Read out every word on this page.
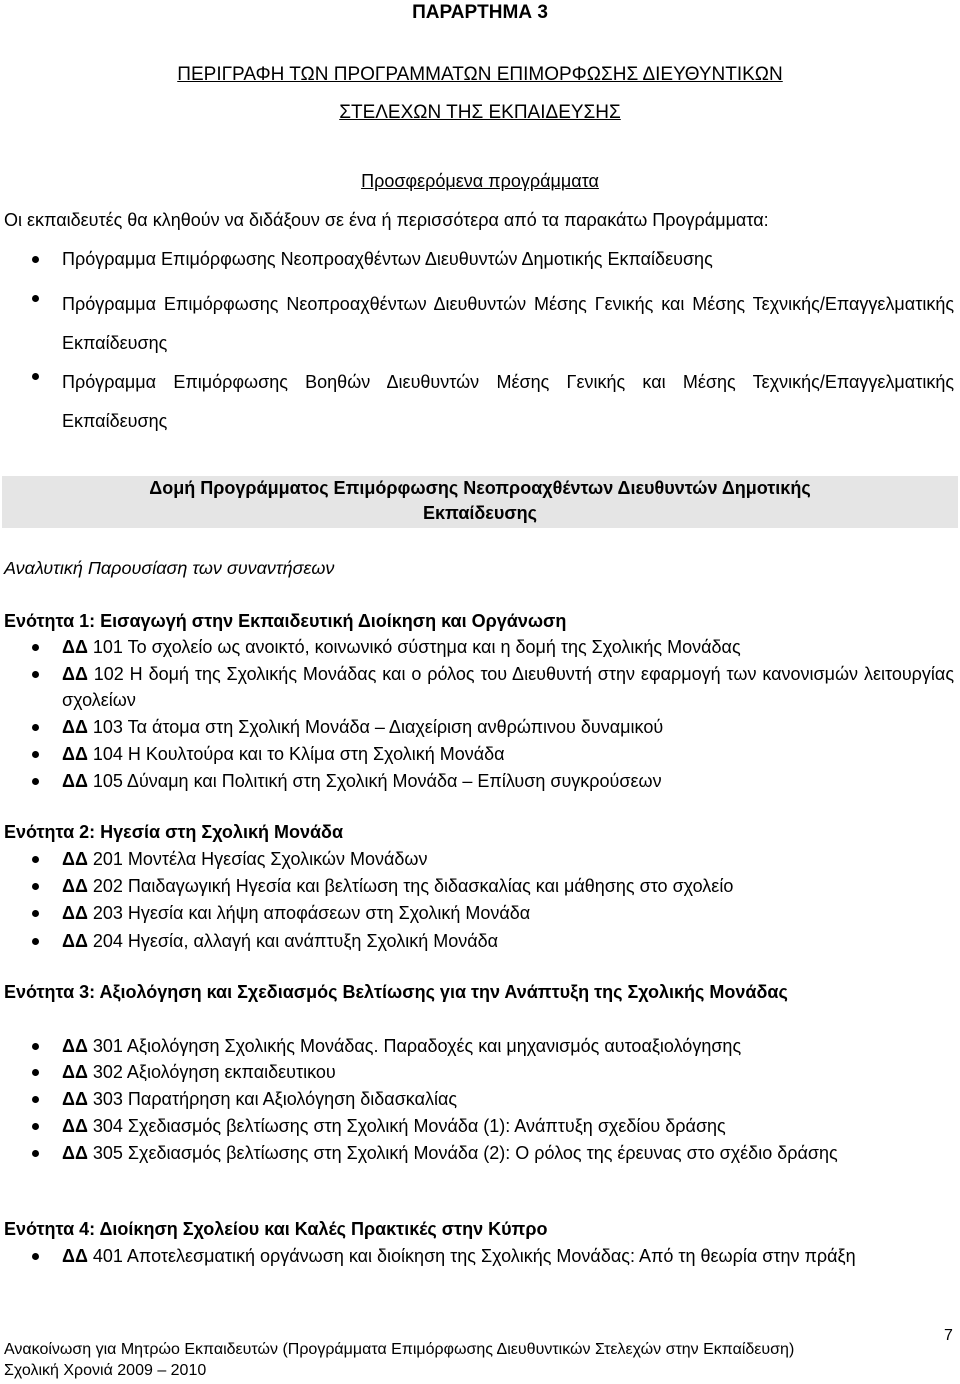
ΠΑΡΑΡΤΗΜΑ 3
ΠΕΡΙΓΡΑΦΗ ΤΩΝ ΠΡΟΓΡΑΜΜΑΤΩΝ ΕΠΙΜΟΡΦΩΣΗΣ ΔΙΕΥΘΥΝΤΙΚΩΝ
ΣΤΕΛΕΧΩΝ ΤΗΣ ΕΚΠΑΙΔΕΥΣΗΣ
Προσφερόμενα προγράμματα
Οι εκπαιδευτές θα κληθούν να διδάξουν σε ένα ή περισσότερα από τα παρακάτω Προγράμματα:
Πρόγραμμα Επιμόρφωσης Νεοπροαχθέντων Διευθυντών Δημοτικής Εκπαίδευσης
Πρόγραμμα Επιμόρφωσης Νεοπροαχθέντων Διευθυντών Μέσης Γενικής και Μέσης Τεχνικής/Επαγγελματικής Εκπαίδευσης
Πρόγραμμα Επιμόρφωσης Βοηθών Διευθυντών Μέσης Γενικής και Μέσης Τεχνικής/Επαγγελματικής Εκπαίδευσης
Δομή Προγράμματος Επιμόρφωσης Νεοπροαχθέντων Διευθυντών Δημοτικής
Εκπαίδευσης
Αναλυτική Παρουσίαση των συναντήσεων
Ενότητα 1: Εισαγωγή στην Εκπαιδευτική Διοίκηση και Οργάνωση
ΔΔ 101 Το σχολείο ως ανοικτό, κοινωνικό σύστημα και η δομή της Σχολικής Μονάδας
ΔΔ 102 Η δομή της Σχολικής Μονάδας και ο ρόλος του Διευθυντή στην εφαρμογή των κανονισμών λειτουργίας σχολείων
ΔΔ 103 Τα άτομα στη Σχολική Μονάδα – Διαχείριση ανθρώπινου δυναμικού
ΔΔ 104 Η Κουλτούρα και το Κλίμα στη Σχολική Μονάδα
ΔΔ 105 Δύναμη και Πολιτική στη Σχολική Μονάδα – Επίλυση συγκρούσεων
Ενότητα 2: Ηγεσία στη Σχολική Μονάδα
ΔΔ 201 Μοντέλα Ηγεσίας Σχολικών Μονάδων
ΔΔ 202 Παιδαγωγική Ηγεσία και βελτίωση της διδασκαλίας και μάθησης στο σχολείο
ΔΔ 203 Ηγεσία και λήψη αποφάσεων στη Σχολική Μονάδα
ΔΔ 204 Ηγεσία, αλλαγή και ανάπτυξη Σχολική Μονάδα
Ενότητα 3: Αξιολόγηση και Σχεδιασμός Βελτίωσης για την Ανάπτυξη της Σχολικής Μονάδας
ΔΔ 301 Αξιολόγηση Σχολικής Μονάδας. Παραδοχές και μηχανισμός αυτοαξιολόγησης
ΔΔ 302 Αξιολόγηση εκπαιδευτικου
ΔΔ 303 Παρατήρηση και Αξιολόγηση διδασκαλίας
ΔΔ 304 Σχεδιασμός βελτίωσης στη Σχολική Μονάδα (1): Ανάπτυξη σχεδίου δράσης
ΔΔ 305 Σχεδιασμός βελτίωσης στη Σχολική Μονάδα (2): Ο ρόλος της έρευνας στο σχέδιο δράσης
Ενότητα 4: Διοίκηση Σχολείου και Καλές Πρακτικές στην Κύπρο
ΔΔ 401 Αποτελεσματική οργάνωση και διοίκηση της Σχολικής Μονάδας: Από τη θεωρία στην πράξη
7
Ανακοίνωση για Μητρώο Εκπαιδευτών (Προγράμματα Επιμόρφωσης Διευθυντικών Στελεχών στην Εκπαίδευση)
Σχολική Χρονιά 2009 – 2010
